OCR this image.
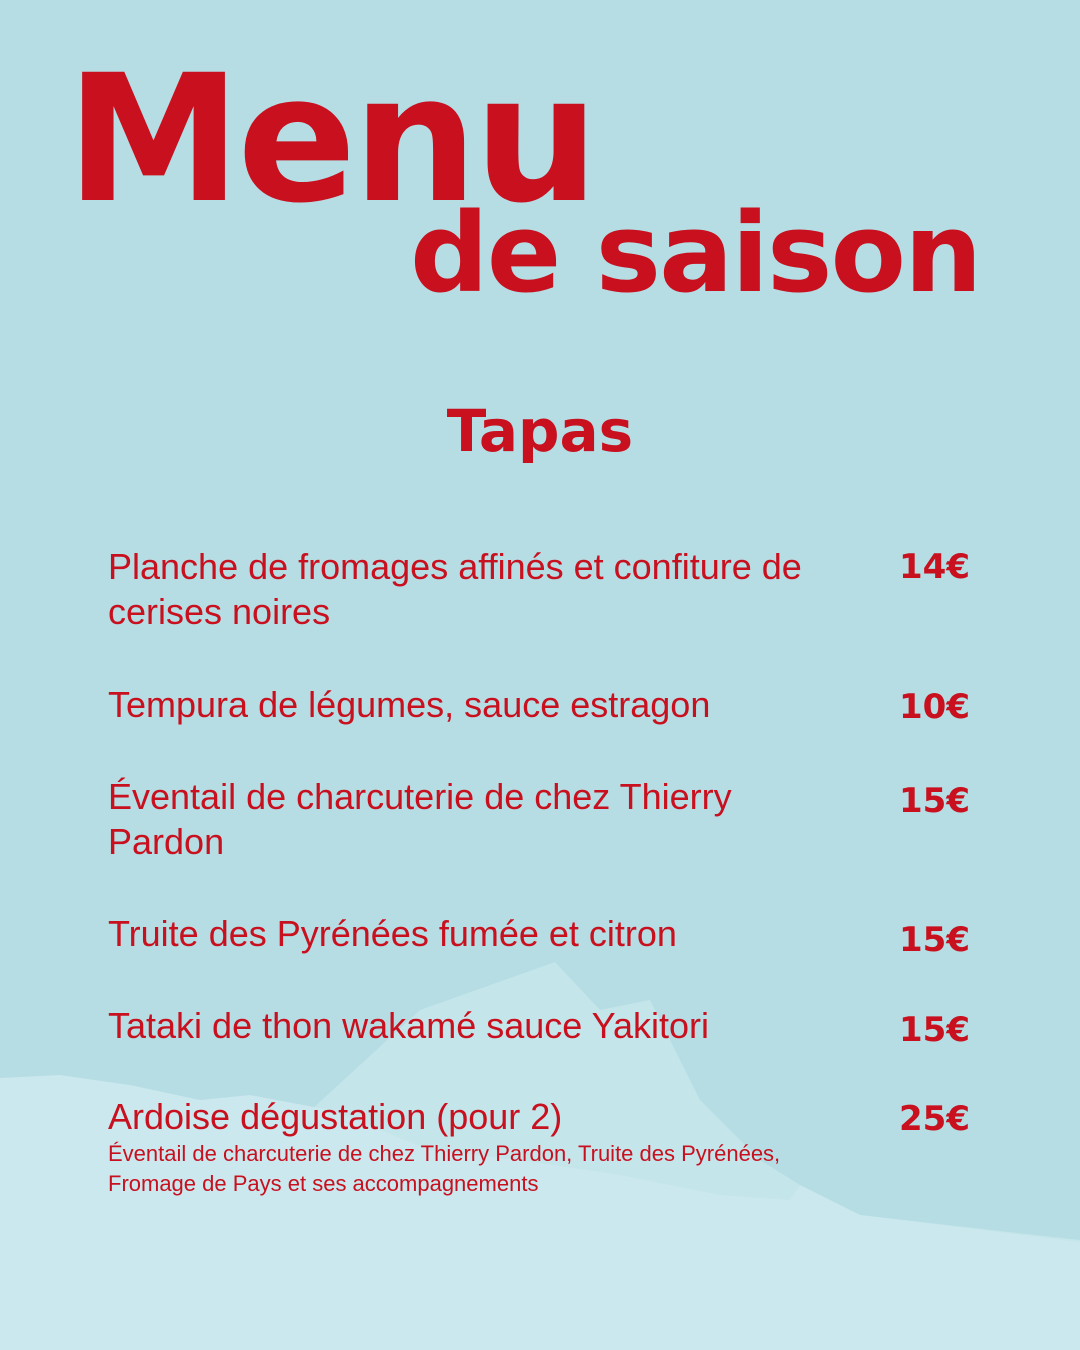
Menu
de saison
Tapas
Planche de fromages affinés et confiture de cerises noires
14€
Tempura de légumes, sauce estragon	10€
Éventail de charcuterie de chez Thierry Pardon
15€
Truite des Pyrénées fumée et citron	15€
Tataki de thon wakamé sauce Yakitori	15€
Ardoise dégustation (pour 2)	25€
Éventail de charcuterie de chez Thierry Pardon, Truite des Pyrénées,
Fromage de Pays et ses accompagnements
